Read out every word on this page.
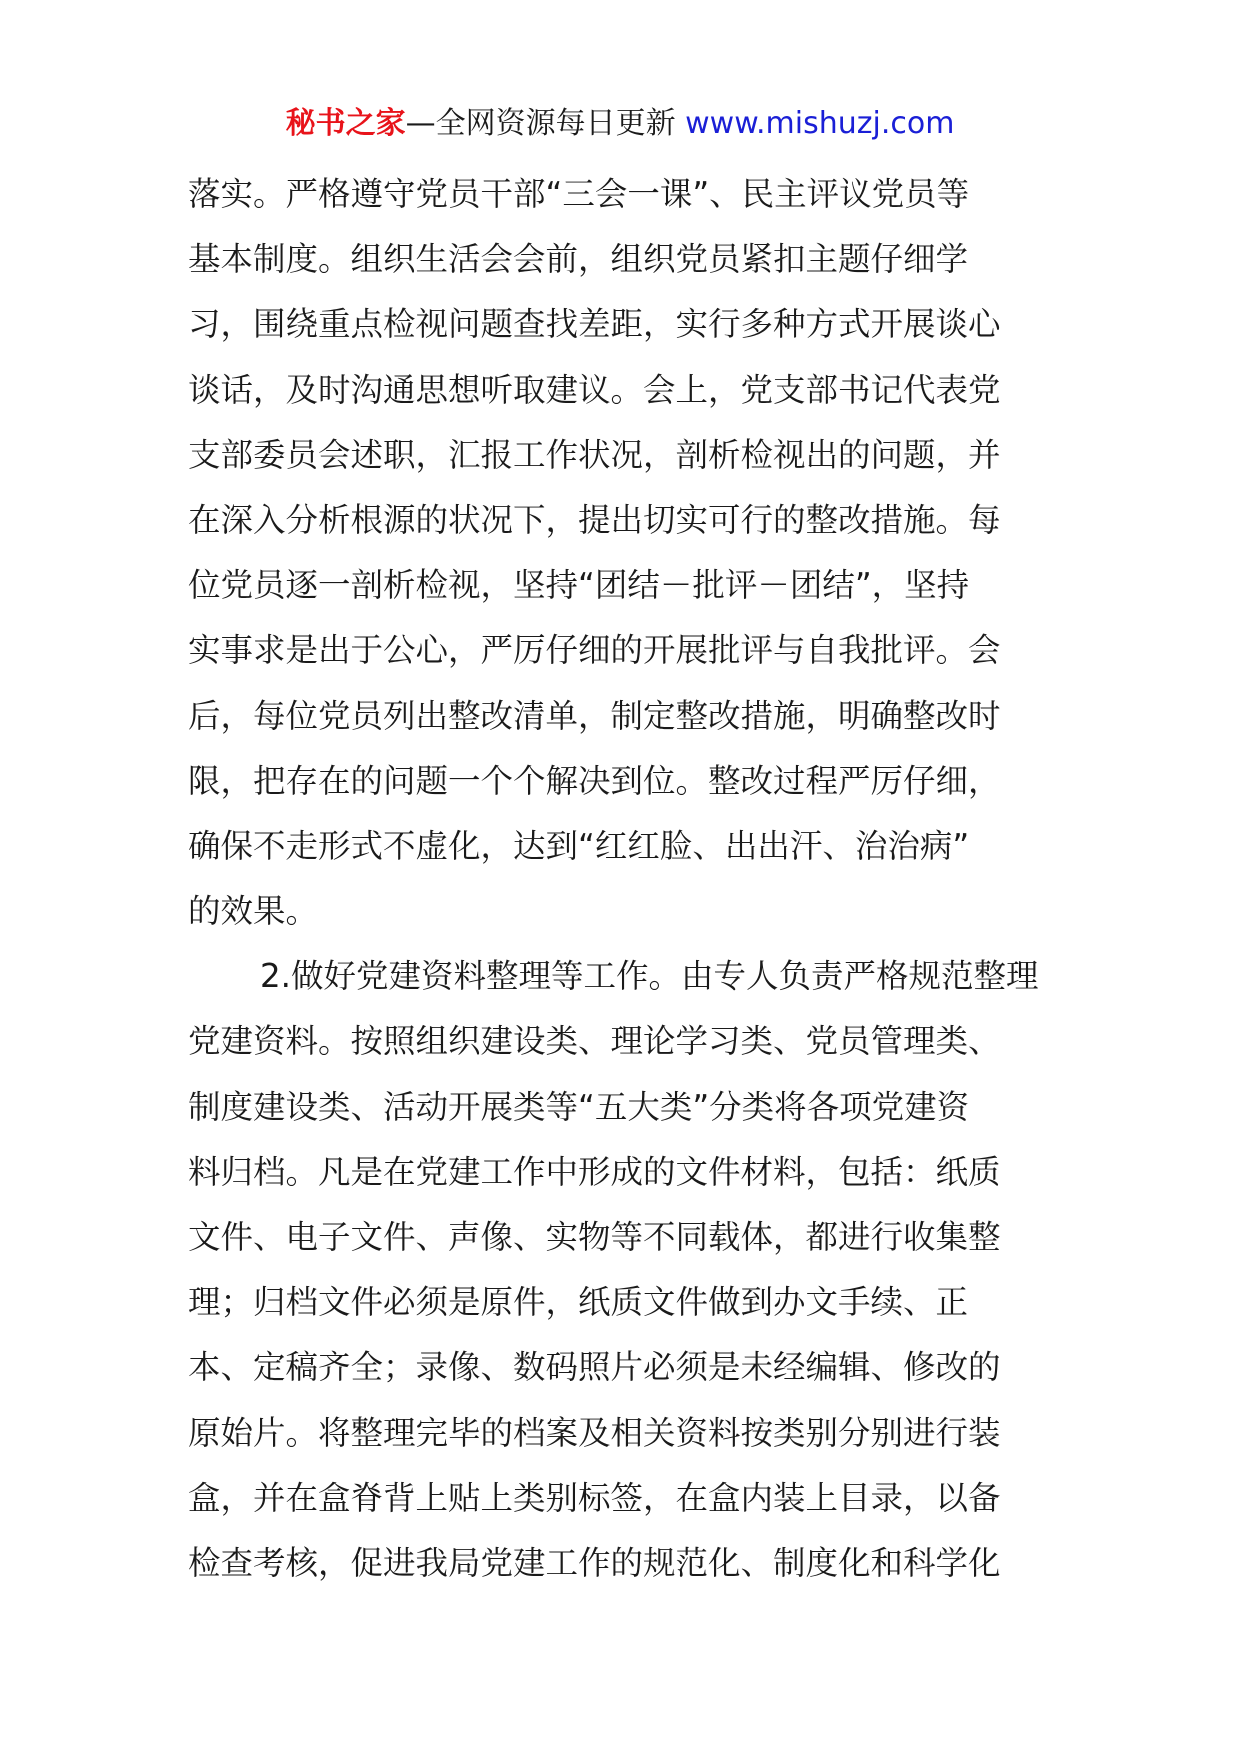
秘书之家—全网资源每日更新 www.mishuzj.com
落实。严格遵守党员干部“三会一课”、民主评议党员等
基本制度。组织生活会会前，组织党员紧扣主题仔细学
习，围绕重点检视问题查找差距，实行多种方式开展谈心
谈话，及时沟通思想听取建议。会上，党支部书记代表党
支部委员会述职，汇报工作状况，剖析检视出的问题，并
在深入分析根源的状况下，提出切实可行的整改措施。每
位党员逐一剖析检视，坚持“团结－批评－团结”，坚持
实事求是出于公心，严厉仔细的开展批评与自我批评。会
后，每位党员列出整改清单，制定整改措施，明确整改时
限，把存在的问题一个个解决到位。整改过程严厉仔细，
确保不走形式不虚化，达到“红红脸、出出汗、治治病”
的效果。
2.做好党建资料整理等工作。由专人负责严格规范整理
党建资料。按照组织建设类、理论学习类、党员管理类、
制度建设类、活动开展类等“五大类”分类将各项党建资
料归档。凡是在党建工作中形成的文件材料，包括：纸质
文件、电子文件、声像、实物等不同载体，都进行收集整
理；归档文件必须是原件，纸质文件做到办文手续、正
本、定稿齐全；录像、数码照片必须是未经编辑、修改的
原始片。将整理完毕的档案及相关资料按类别分别进行装
盒，并在盒脊背上贴上类别标签，在盒内装上目录，以备
检查考核，促进我局党建工作的规范化、制度化和科学化
